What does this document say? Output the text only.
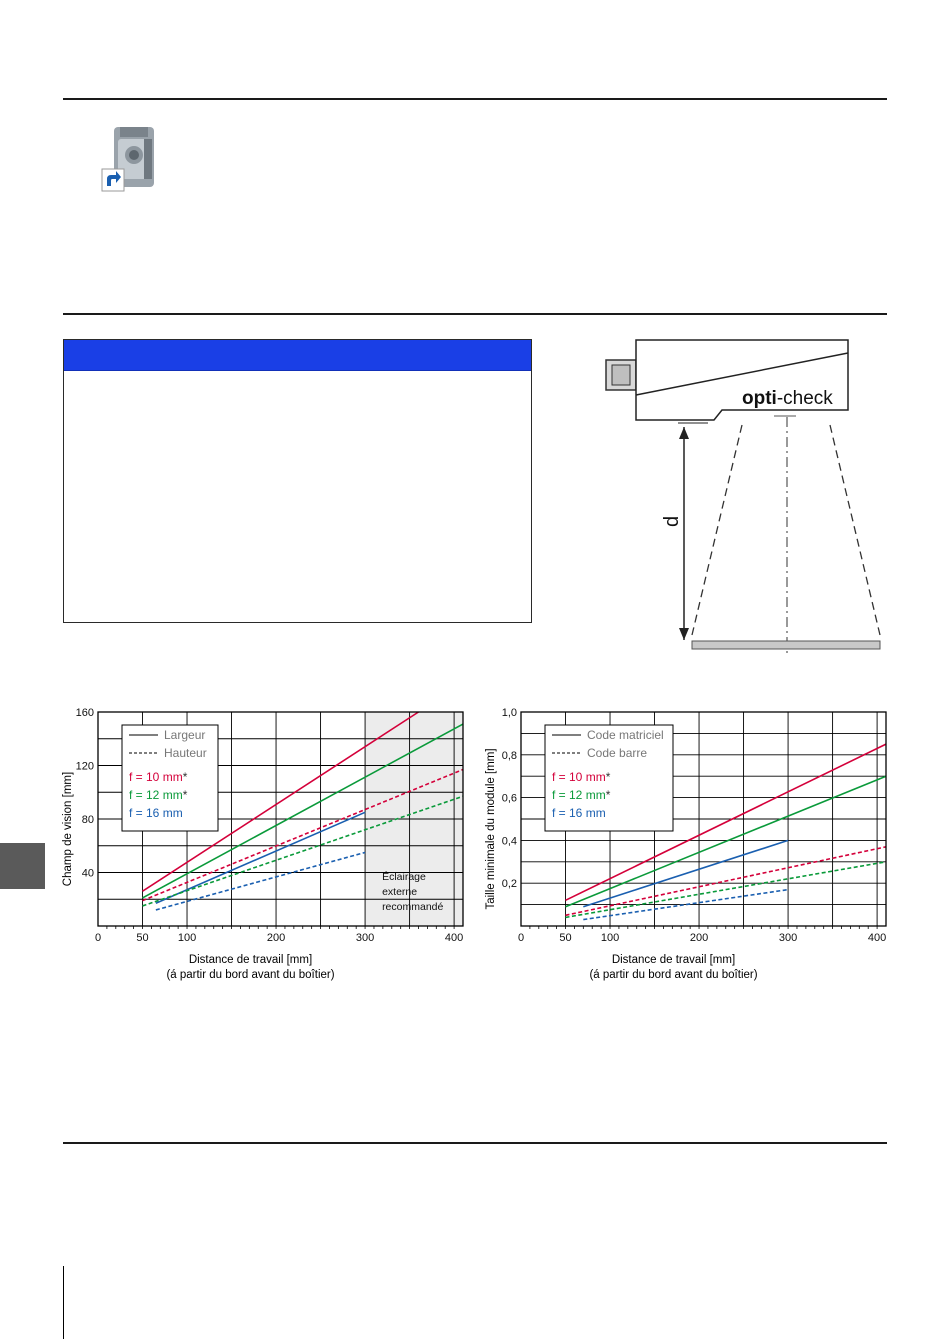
opti-check
d
Éclairage
externe
recommandé
0	50	100	200	300	400
40
80
120
160
Largeur
Hauteur
f = 10 mm*
f = 12 mm*
f = 16 mm
Distance de travail [mm]
(á partir du bord avant du boîtier)
Champ de vision [mm]
0	50	100	200	300	400
0,2
0,4
0,6
0,8
1,0
Code matriciel
Code barre
f = 10 mm*
f = 12 mm*
f = 16 mm
Distance de travail [mm]
(á partir du bord avant du boîtier)
Taille minimale du module [mm]
